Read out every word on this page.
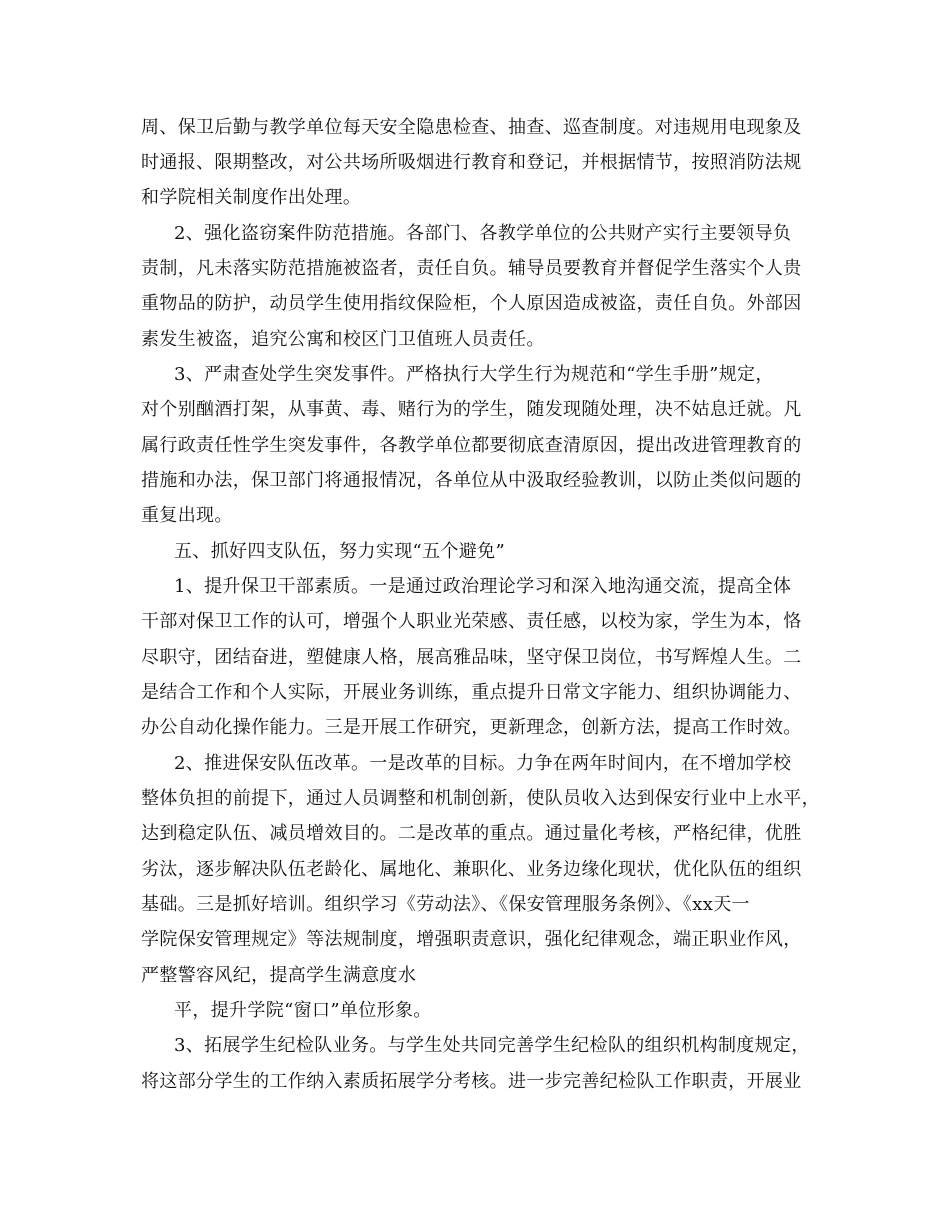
周、保卫后勤与教学单位每天安全隐患检查、抽查、巡查制度。对违规用电现象及
时通报、限期整改，对公共场所吸烟进行教育和登记，并根据情节，按照消防法规
和学院相关制度作出处理。
2、强化盗窃案件防范措施。各部门、各教学单位的公共财产实行主要领导负
责制，凡未落实防范措施被盗者，责任自负。辅导员要教育并督促学生落实个人贵
重物品的防护，动员学生使用指纹保险柜，个人原因造成被盗，责任自负。外部因
素发生被盗，追究公寓和校区门卫值班人员责任。
3、严肃查处学生突发事件。严格执行大学生行为规范和“学生手册”规定，
对个别酗酒打架，从事黄、毒、赌行为的学生，随发现随处理，决不姑息迁就。凡
属行政责任性学生突发事件，各教学单位都要彻底查清原因，提出改进管理教育的
措施和办法，保卫部门将通报情况，各单位从中汲取经验教训，以防止类似问题的
重复出现。
五、抓好四支队伍，努力实现“五个避免”
1、提升保卫干部素质。一是通过政治理论学习和深入地沟通交流，提高全体
干部对保卫工作的认可，增强个人职业光荣感、责任感，以校为家，学生为本，恪
尽职守，团结奋进，塑健康人格，展高雅品味，坚守保卫岗位，书写辉煌人生。二
是结合工作和个人实际，开展业务训练，重点提升日常文字能力、组织协调能力、
办公自动化操作能力。三是开展工作研究，更新理念，创新方法，提高工作时效。
2、推进保安队伍改革。一是改革的目标。力争在两年时间内，在不增加学校
整体负担的前提下，通过人员调整和机制创新，使队员收入达到保安行业中上水平，
达到稳定队伍、减员增效目的。二是改革的重点。通过量化考核，严格纪律，优胜
劣汰，逐步解决队伍老龄化、属地化、兼职化、业务边缘化现状，优化队伍的组织
基础。三是抓好培训。组织学习《劳动法》、《保安管理服务条例》、《xx天一
学院保安管理规定》等法规制度，增强职责意识，强化纪律观念，端正职业作风，
严整警容风纪，提高学生满意度水
平，提升学院“窗口”单位形象。
3、拓展学生纪检队业务。与学生处共同完善学生纪检队的组织机构制度规定，
将这部分学生的工作纳入素质拓展学分考核。进一步完善纪检队工作职责，开展业
